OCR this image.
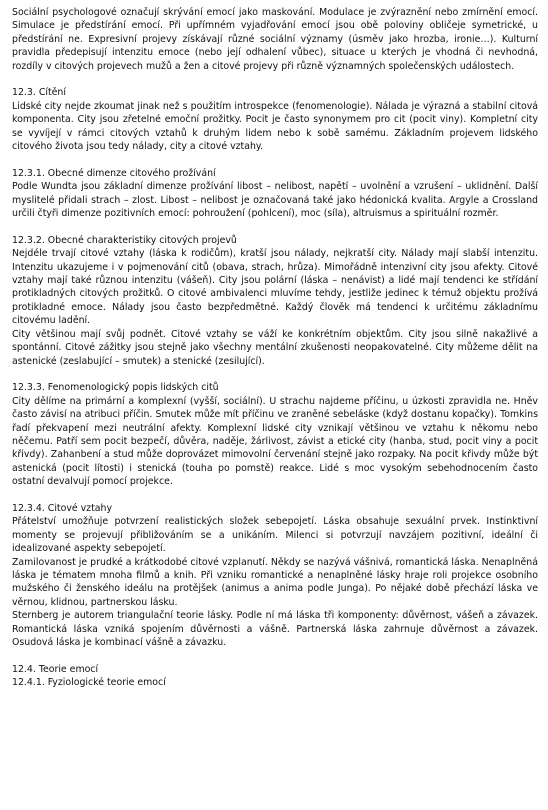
Sociální psychologové označují skrývání emocí jako maskování. Modulace je zvýraznění nebo zmírnění emocí. Simulace je předstírání emocí. Při upřímném vyjadřování emocí jsou obě poloviny obličeje symetrické, u předstírání ne. Expresivní projevy získávají různé sociální významy (úsměv jako hrozba, ironie…). Kulturní pravidla předepisují intenzitu emoce (nebo její odhalení vůbec), situace u kterých je vhodná či nevhodná, rozdíly v citových projevech mužů a žen a citové projevy při různě významných společenských událostech.

12.3. Cítění

Lidské city nejde zkoumat jinak než s použitím introspekce (fenomenologie). Nálada je výrazná a stabilní citová komponenta. City jsou zřetelné emoční prožitky. Pocit je často synonymem pro cit (pocit viny). Kompletní city se vyvíjejí v rámci citových vztahů k druhým lidem nebo k sobě samému. Základním projevem lidského citového života jsou tedy nálady, city a citové vztahy.

12.3.1. Obecné dimenze citového prožívání

Podle Wundta jsou základní dimenze prožívání libost – nelibost, napětí – uvolnění a vzrušení – uklidnění. Další myslitelé přidali strach – zlost. Libost – nelibost je označovaná také jako hédonická kvalita. Argyle a Crossland určili čtyři dimenze pozitivních emocí: pohroužení (pohlcení), moc (síla), altruismus a spirituální rozměr.

12.3.2. Obecné charakteristiky citových projevů

Nejdéle trvají citové vztahy (láska k rodičům), kratší jsou nálady, nejkratší city. Nálady mají slabší intenzitu. Intenzitu ukazujeme i v pojmenování citů (obava, strach, hrůza). Mimořádně intenzivní city jsou afekty. Citové vztahy mají také různou intenzitu (vášeň). City jsou polární (láska – nenávist) a lidé mají tendenci ke střídání protikladných citových prožitků. O citové ambivalenci mluvíme tehdy, jestliže jedinec k témuž objektu prožívá protikladné emoce. Nálady jsou často bezpředmětné. Každý člověk má tendenci k určitému základnímu citovému ladění.

City většinou mají svůj podnět. Citové vztahy se váží ke konkrétním objektům. City jsou silně nakažlivé a spontánní. Citové zážitky jsou stejně jako všechny mentální zkušenosti neopakovatelné. City můžeme dělit na astenické (zeslabující – smutek) a stenické (zesilující).

12.3.3. Fenomenologický popis lidských citů

City dělíme na primární a komplexní (vyšší, sociální). U strachu najdeme příčinu, u úzkosti zpravidla ne. Hněv často závisí na atribuci příčin. Smutek může mít příčinu ve zraněné sebeláske (když dostanu kopačky). Tomkins řadí překvapení mezi neutrální afekty. Komplexní lidské city vznikají většinou ve vztahu k někomu nebo něčemu. Patří sem pocit bezpečí, důvěra, naděje, žárlivost, závist a etické city (hanba, stud, pocit viny a pocit křivdy). Zahanbení a stud může doprovázet mimovolní červenání stejně jako rozpaky. Na pocit křivdy může být astenická (pocit lítosti) i stenická (touha po pomstě) reakce. Lidé s moc vysokým sebehodnocením často ostatní devalvují pomocí projekce.

12.3.4. Citové vztahy

Přátelství umožňuje potvrzení realistických složek sebepojetí. Láska obsahuje sexuální prvek. Instinktivní momenty se projevují přibližováním se a unikáním. Milenci si potvrzují navzájem pozitivní, ideální či idealizované aspekty sebepojetí.

Zamilovanost je prudké a krátkodobé citové vzplanutí. Někdy se nazývá vášnivá, romantická láska. Nenaplněná láska je tématem mnoha filmů a knih. Při vzniku romantické a nenaplněné lásky hraje roli projekce osobního mužského či ženského ideálu na protějšek (animus a anima podle Junga). Po nějaké době přechází láska ve věrnou, klidnou, partnerskou lásku.

Sternberg je autorem triangulační teorie lásky. Podle ní má láska tři komponenty: důvěrnost, vášeň a závazek. Romantická láska vzniká spojením důvěrnosti a vášně. Partnerská láska zahrnuje důvěrnost a závazek. Osudová láska je kombinací vášně a závazku.

12.4. Teorie emocí

12.4.1. Fyziologické teorie emocí
